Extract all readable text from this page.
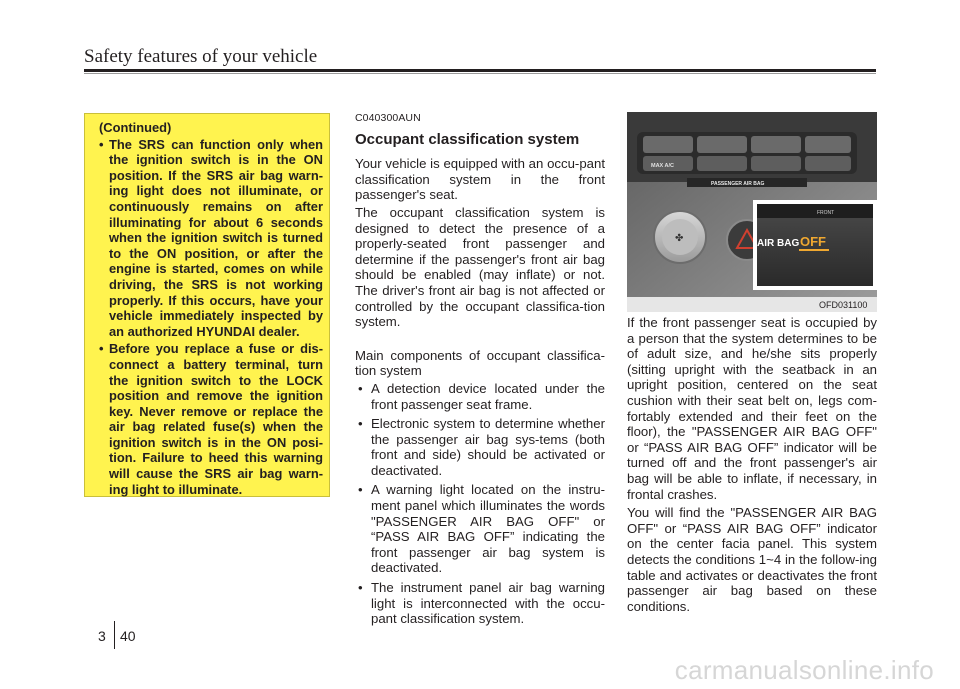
Safety features of your vehicle
(Continued)
• The SRS can function only when the ignition switch is in the ON position. If the SRS air bag warn-ing light does not illuminate, or continuously remains on after illuminating for about 6 seconds when the ignition switch is turned to the ON position, or after the engine is started, comes on while driving, the SRS is not working properly. If this occurs, have your vehicle immediately inspected by an authorized HYUNDAI dealer.
• Before you replace a fuse or dis-connect a battery terminal, turn the ignition switch to the LOCK position and remove the ignition key. Never remove or replace the air bag related fuse(s) when the ignition switch is in the ON posi-tion. Failure to heed this warning will cause the SRS air bag warn-ing light to illuminate.
C040300AUN
Occupant classification system

Your vehicle is equipped with an occu-pant classification system in the front passenger's seat.

The occupant classification system is designed to detect the presence of a properly-seated front passenger and determine if the passenger's front air bag should be enabled (may inflate) or not. The driver's front air bag is not affected or controlled by the occupant classifica-tion system.

Main components of occupant classifica-tion system

• A detection device located under the front passenger seat frame.
• Electronic system to determine whether the passenger air bag sys-tems (both front and side) should be activated or deactivated.
• A warning light located on the instru-ment panel which illuminates the words "PASSENGER AIR BAG OFF" or “PASS AIR BAG OFF” indicating the front passenger air bag system is deactivated.
• The instrument panel air bag warning light is interconnected with the occu-pant classification system.
MAX A/C
PASSENGER AIR BAG
✤
FRONT
AIR BAG OFF
OFD031100

If the front passenger seat is occupied by a person that the system determines to be of adult size, and he/she sits properly (sitting upright with the seatback in an upright position, centered on the seat cushion with their seat belt on, legs com-fortably extended and their feet on the floor), the "PASSENGER AIR BAG OFF" or “PASS AIR BAG OFF” indicator will be turned off and the front passenger's air bag will be able to inflate, if necessary, in frontal crashes.

You will find the "PASSENGER AIR BAG OFF" or “PASS AIR BAG OFF” indicator on the center facia panel. This system detects the conditions 1~4 in the follow-ing table and activates or deactivates the front passenger air bag based on these conditions.

3 40
carmanualsonline.info
